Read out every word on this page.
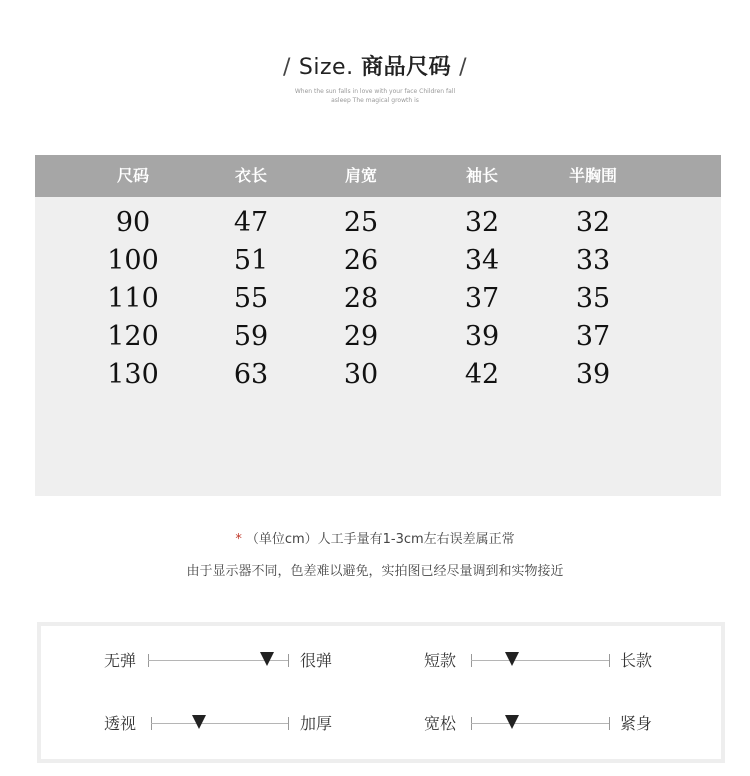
/ Size. 商品尺码 /
When the sun falls in love with your face Children fall
asleep The magical growth is
尺码	衣长	肩宽	袖长	半胸围
90	47	25	32	32
100	51	26	34	33
110	55	28	37	35
120	59	29	39	37
130	63	30	42	39
* （单位cm）人工手量有1-3cm左右误差属正常
由于显示器不同，色差难以避免，实拍图已经尽量调到和实物接近
无弹	很弹	短款	长款
透视	加厚	宽松	紧身
